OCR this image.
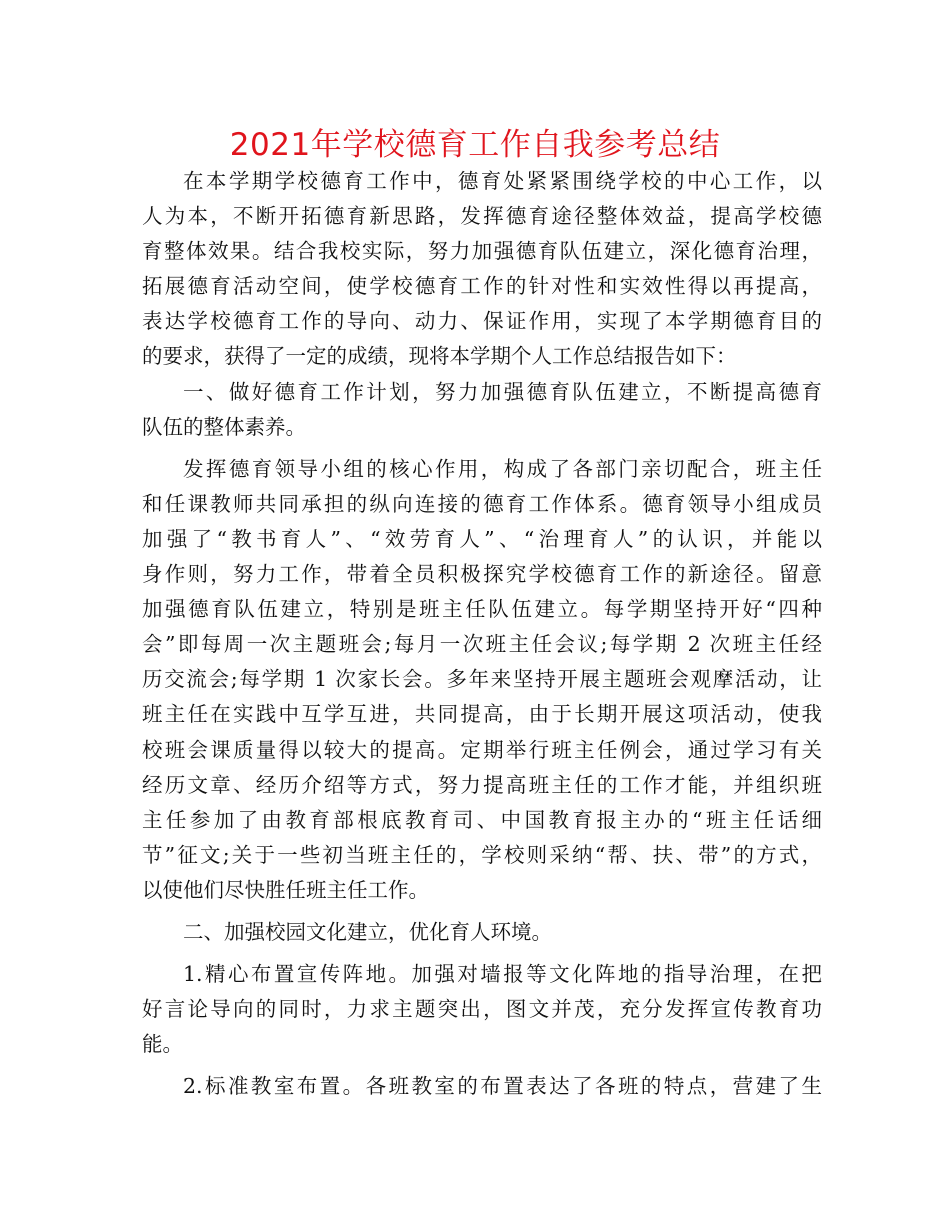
2021年学校德育工作自我参考总结
在本学期学校德育工作中，德育处紧紧围绕学校的中心工作，以
人为本，不断开拓德育新思路，发挥德育途径整体效益，提高学校德
育整体效果。结合我校实际，努力加强德育队伍建立，深化德育治理，
拓展德育活动空间，使学校德育工作的针对性和实效性得以再提高，
表达学校德育工作的导向、动力、保证作用，实现了本学期德育目的
的要求，获得了一定的成绩，现将本学期个人工作总结报告如下：
一、做好德育工作计划，努力加强德育队伍建立，不断提高德育
队伍的整体素养。
发挥德育领导小组的核心作用，构成了各部门亲切配合，班主任
和任课教师共同承担的纵向连接的德育工作体系。德育领导小组成员
加强了“教书育人”、“效劳育人”、“治理育人”的认识，并能以
身作则，努力工作，带着全员积极探究学校德育工作的新途径。留意
加强德育队伍建立，特别是班主任队伍建立。每学期坚持开好“四种
会”即每周一次主题班会;每月一次班主任会议;每学期 2 次班主任经
历交流会;每学期 1 次家长会。多年来坚持开展主题班会观摩活动，让
班主任在实践中互学互进，共同提高，由于长期开展这项活动，使我
校班会课质量得以较大的提高。定期举行班主任例会，通过学习有关
经历文章、经历介绍等方式，努力提高班主任的工作才能，并组织班
主任参加了由教育部根底教育司、中国教育报主办的“班主任话细
节”征文;关于一些初当班主任的，学校则采纳“帮、扶、带”的方式，
以使他们尽快胜任班主任工作。
二、加强校园文化建立，优化育人环境。
1.精心布置宣传阵地。加强对墙报等文化阵地的指导治理，在把
好言论导向的同时，力求主题突出，图文并茂，充分发挥宣传教育功
能。
2.标准教室布置。各班教室的布置表达了各班的特点，营建了生
